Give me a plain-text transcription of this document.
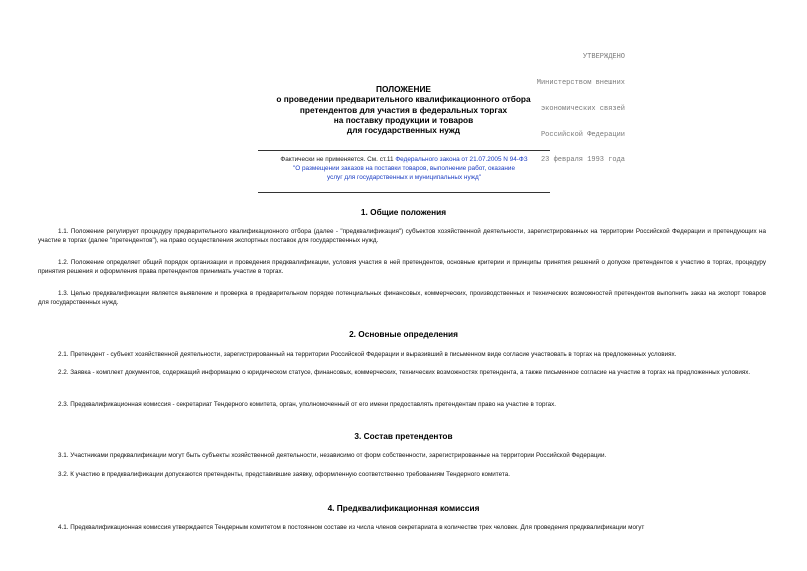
УТВЕРЖДЕНО

Министерством внешних

экономических связей

Российской Федерации

23 февраля 1993 года

ПОЛОЖЕНИЕ
о проведении предварительного квалификационного отбора
претендентов для участия в федеральных торгах
на поставку продукции и товаров
для государственных нужд
Фактически не применяется. См. ст.11 Федерального закона от 21.07.2005 N 94-ФЗ
"О размещении заказов на поставки товаров, выполнение работ, оказание
услуг для государственных и муниципальных нужд"
1. Общие положения
1.1. Положение регулирует процедуру предварительного квалификационного отбора (далее - "предквалификация") субъектов хозяйственной деятельности, зарегистрированных на территории Российской Федерации и претендующих на участие в торгах (далее "претендентов"), на право осуществления экспортных поставок для государственных нужд.
1.2. Положение определяет общий порядок организации и проведения предквалификации, условия участия в ней претендентов, основные критерии и принципы принятия решений о допуске претендентов к участию в торгах, процедуру принятия решения и оформления права претендентов принимать участие в торгах.
1.3. Целью предквалификации является выявление и проверка в предварительном порядке потенциальных финансовых, коммерческих, производственных и технических возможностей претендентов выполнить заказ на экспорт товаров для государственных нужд.
2. Основные определения
2.1. Претендент - субъект хозяйственной деятельности, зарегистрированный на территории Российской Федерации и выразивший в письменном виде согласие участвовать в торгах на предложенных условиях.
2.2. Заявка - комплект документов, содержащий информацию о юридическом статусе, финансовых, коммерческих, технических возможностях претендента, а также письменное согласие на участие в торгах на предложенных условиях.
2.3. Предквалификационная комиссия - секретариат Тендерного комитета, орган, уполномоченный от его имени предоставлять претендентам право на участие в торгах.
3. Состав претендентов
3.1. Участниками предквалификации могут быть субъекты хозяйственной деятельности, независимо от форм собственности, зарегистрированные на территории Российской Федерации.
3.2. К участию в предквалификации допускаются претенденты, представившие заявку, оформленную соответственно требованиям Тендерного комитета.
4. Предквалификационная комиссия
4.1. Предквалификационная комиссия утверждается Тендерным комитетом в постоянном составе из числа членов секретариата в количестве трех человек. Для проведения предквалификации могут
